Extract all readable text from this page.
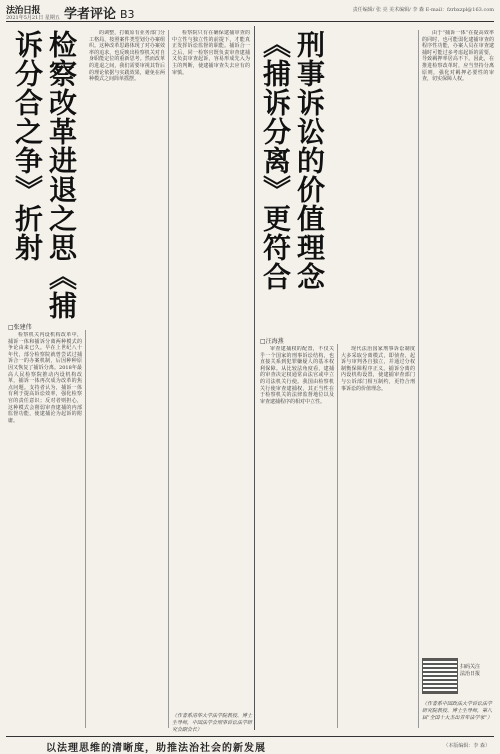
法治日报
2021年5月21日 星期五 学者评论 B3	责任编辑/ 张 亮 美术编辑/ 李 森 E-mail：fzrbxzpl@163.com
检察改革进退之思《捕诉分合之争》折射
□张建伟

检察机关内设机构改革中，捕诉一体和捕诉分离两种模式的争论由来已久。早在上世纪八十年代，部分检察院就曾尝试过捕诉合一的办案机制，后因种种原因又恢复了捕诉分离。2018年最高人民检察院推动内设机构改革，捕诉一体再次成为改革的焦点问题。支持者认为，捕诉一体有利于提高诉讼效率，强化检察官的责任意识；反对者则担心，这种模式会削弱审查逮捕的内部监督功能，使逮捕沦为起诉的附庸。

的调整，打破原有业务部门分工格局，按照案件类型划分办案组织。这种改革思路体现了对办案效率的追求，也反映出检察机关对自身职能定位的重新思考。然而改革的进退之间，我们需要审视其背后的理论依据与实践效果，避免在两种模式之间简单摇摆。

检察院只有在确保逮捕审查的中立性与独立性的前提下，才能真正发挥诉讼监督的职能。捕诉合一之后，同一检察官既负责审查逮捕又负责审查起诉，容易形成先入为主的判断，使逮捕审查失去应有的审慎。

（作者系清华大学法学院教授、博士生导师，中国法学会刑事诉讼法学研究会副会长）
刑事诉讼的价值理念《捕诉分离》更符合
□汪海燕

审查逮捕权的配置，不仅关乎一个国家的刑事诉讼结构，也直接关系到犯罪嫌疑人的基本权利保障。从比较法角度看，逮捕的审查决定权通常由法官或中立的司法机关行使。我国由检察机关行使审查逮捕权，其正当性在于检察机关的法律监督地位以及审查逮捕程序的相对中立性。

现代法治国家刑事诉讼制度大多采取分离模式，即侦查、起诉与审判各自独立，并通过分权制衡保障程序正义。捕诉分离的内设机构设置，使逮捕审查部门与公诉部门相互制约，更符合刑事诉讼的价值理念。

由于“捕诉一体”在提高效率的同时，也可能弱化逮捕审查的程序性功能，办案人员在审查逮捕时可能过多考虑起诉的需要，导致羁押率居高不下。因此，在推进检察改革时，应当坚持分离原则，强化对羁押必要性的审查，切实保障人权。

（作者系中国政法大学诉讼法学研究院教授、博士生导师，第八届“全国十大杰出青年法学家”）
扫码关注
法治日报
以法理思维的清晰度，助推法治社会的新发展	（本版编辑：李 森）
